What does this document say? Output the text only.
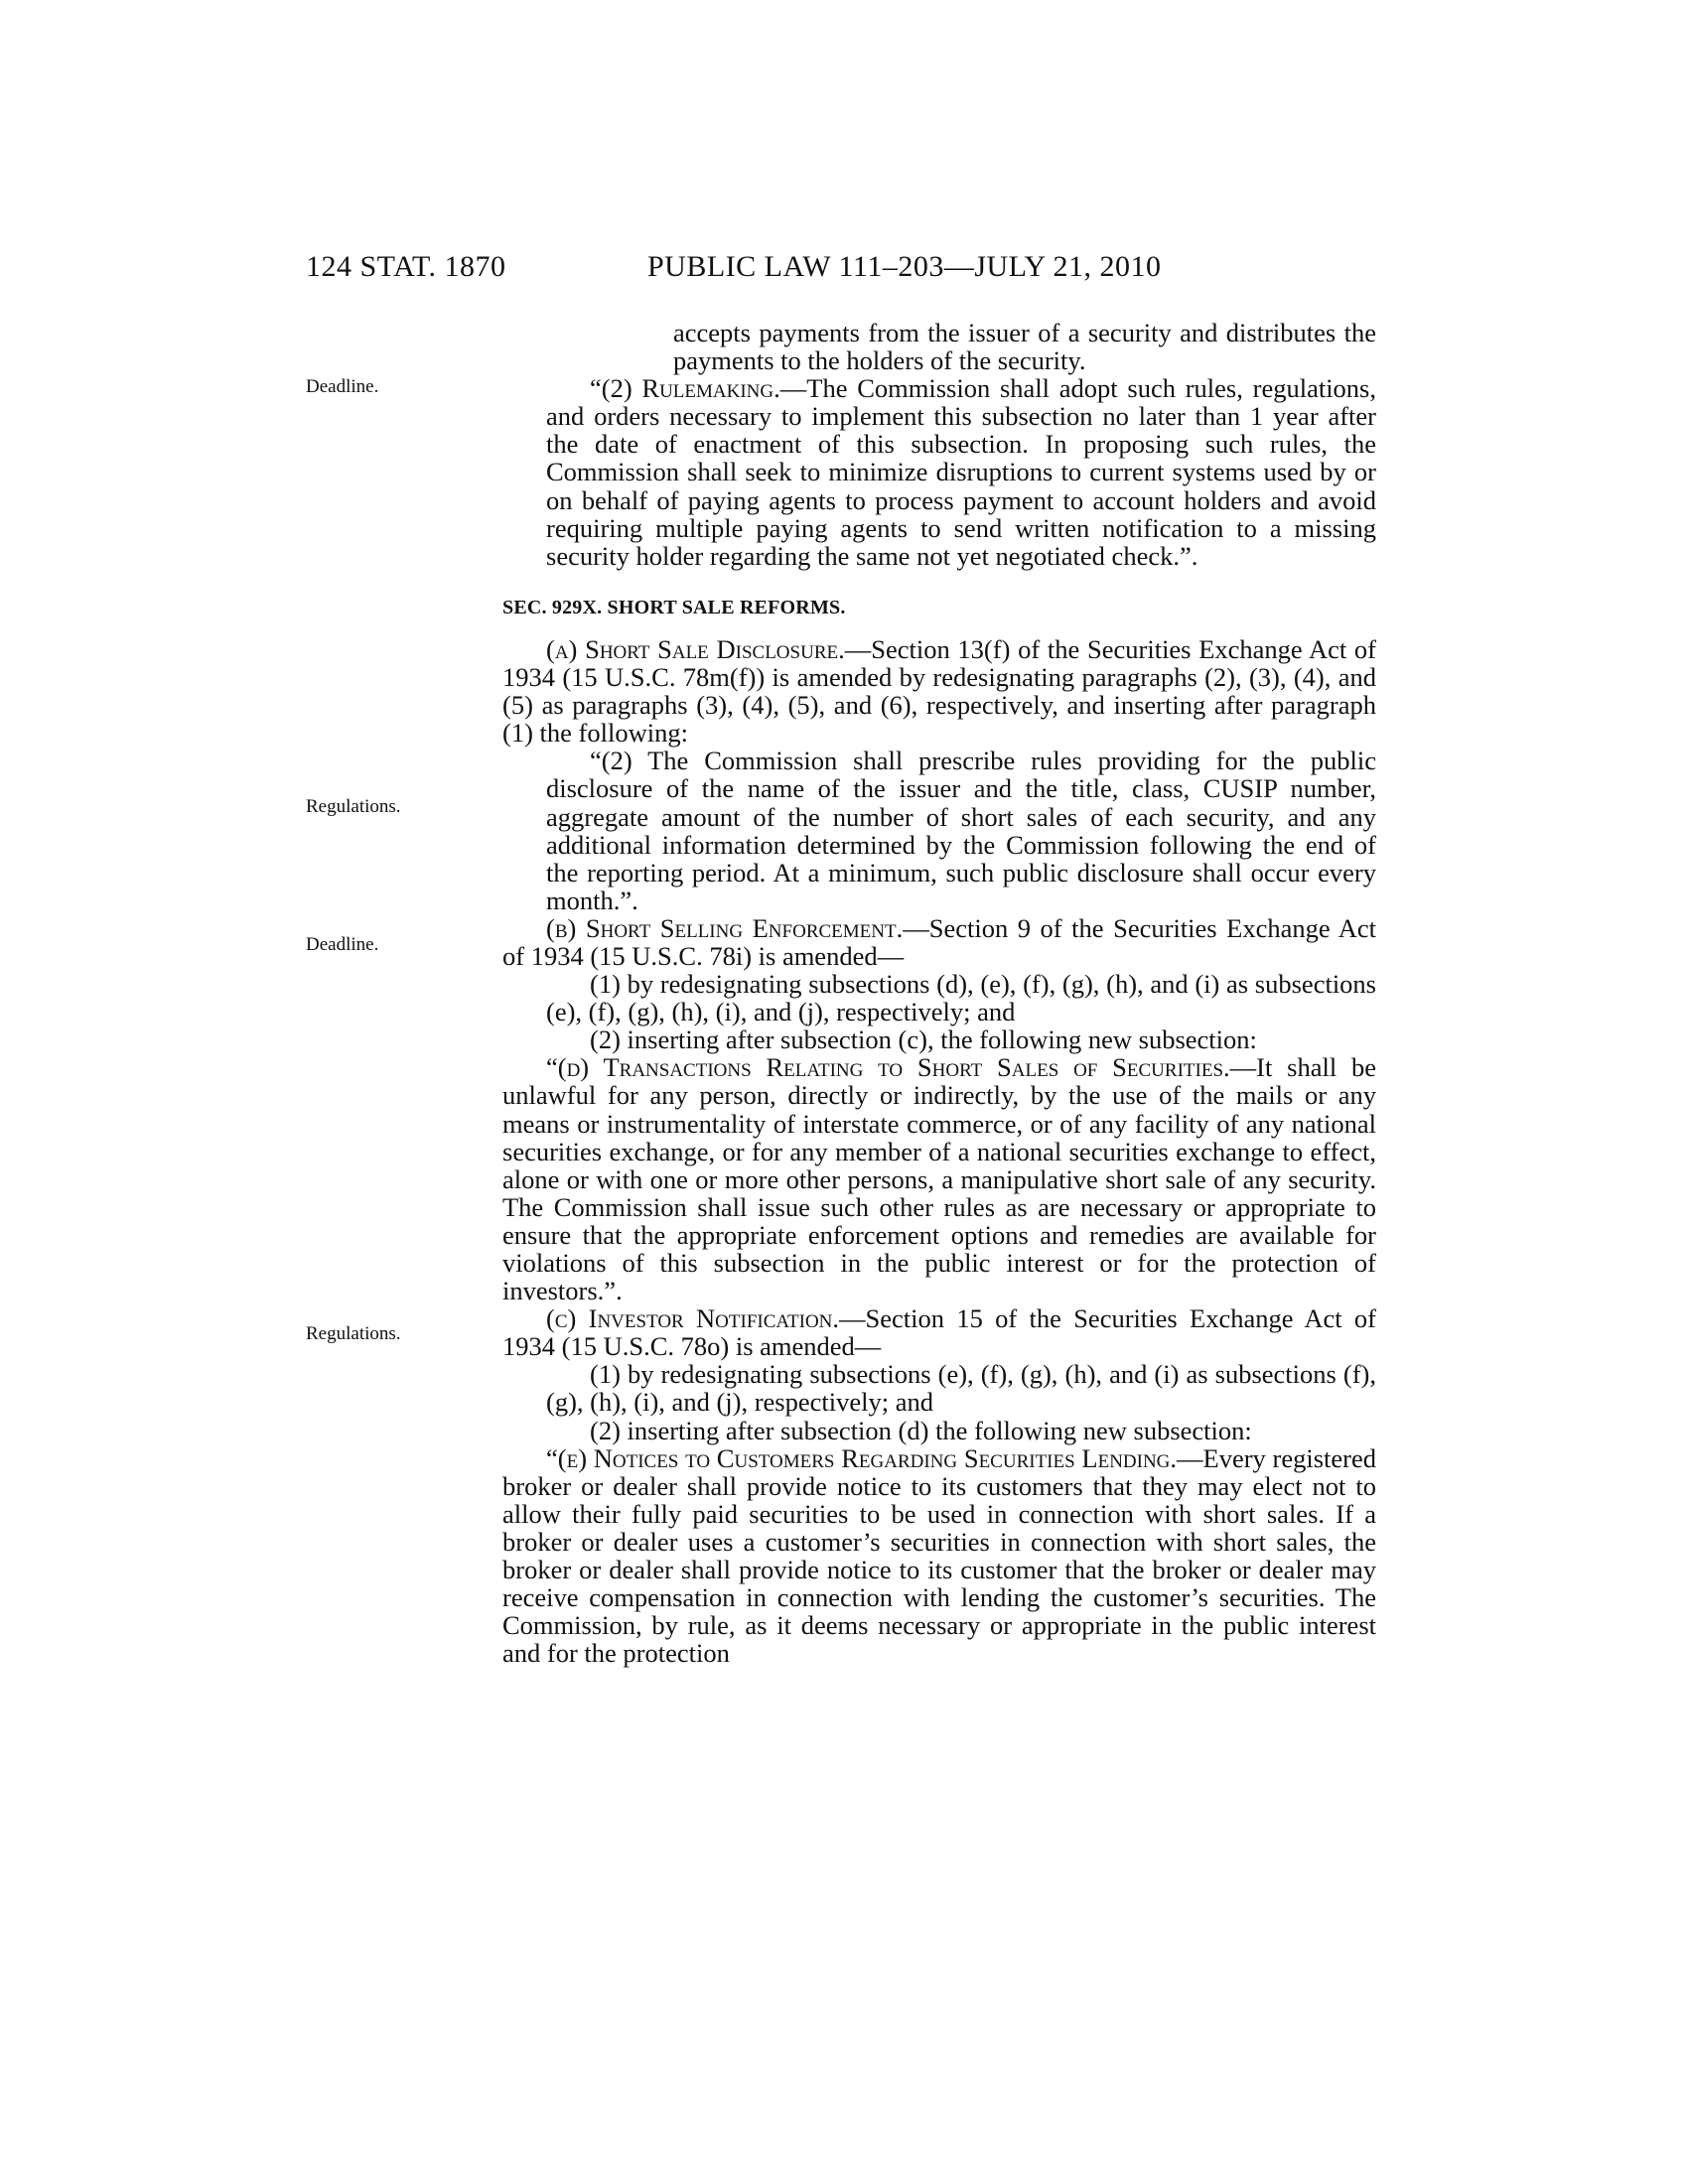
124 STAT. 1870	PUBLIC LAW 111–203—JULY 21, 2010
Deadline.
Regulations.
Deadline.
Regulations.

accepts payments from the issuer of a security and distributes the payments to the holders of the security.

“(2) Rulemaking.—The Commission shall adopt such rules, regulations, and orders necessary to implement this subsection no later than 1 year after the date of enactment of this subsection. In proposing such rules, the Commission shall seek to minimize disruptions to current systems used by or on behalf of paying agents to process payment to account holders and avoid requiring multiple paying agents to send written notification to a missing security holder regarding the same not yet negotiated check.”.

SEC. 929X. SHORT SALE REFORMS.

(a) Short Sale Disclosure.—Section 13(f) of the Securities Exchange Act of 1934 (15 U.S.C. 78m(f)) is amended by redesignating paragraphs (2), (3), (4), and (5) as paragraphs (3), (4), (5), and (6), respectively, and inserting after paragraph (1) the following:

“(2) The Commission shall prescribe rules providing for the public disclosure of the name of the issuer and the title, class, CUSIP number, aggregate amount of the number of short sales of each security, and any additional information determined by the Commission following the end of the reporting period. At a minimum, such public disclosure shall occur every month.”.

(b) Short Selling Enforcement.—Section 9 of the Securities Exchange Act of 1934 (15 U.S.C. 78i) is amended—

(1) by redesignating subsections (d), (e), (f), (g), (h), and (i) as subsections (e), (f), (g), (h), (i), and (j), respectively; and

(2) inserting after subsection (c), the following new subsection:

“(d) Transactions Relating to Short Sales of Securities.—It shall be unlawful for any person, directly or indirectly, by the use of the mails or any means or instrumentality of interstate commerce, or of any facility of any national securities exchange, or for any member of a national securities exchange to effect, alone or with one or more other persons, a manipulative short sale of any security. The Commission shall issue such other rules as are necessary or appropriate to ensure that the appropriate enforcement options and remedies are available for violations of this subsection in the public interest or for the protection of investors.”.

(c) Investor Notification.—Section 15 of the Securities Exchange Act of 1934 (15 U.S.C. 78o) is amended—

(1) by redesignating subsections (e), (f), (g), (h), and (i) as subsections (f), (g), (h), (i), and (j), respectively; and

(2) inserting after subsection (d) the following new subsection:

“(e) Notices to Customers Regarding Securities Lending.—Every registered broker or dealer shall provide notice to its customers that they may elect not to allow their fully paid securities to be used in connection with short sales. If a broker or dealer uses a customer’s securities in connection with short sales, the broker or dealer shall provide notice to its customer that the broker or dealer may receive compensation in connection with lending the customer’s securities. The Commission, by rule, as it deems necessary or appropriate in the public interest and for the protection
